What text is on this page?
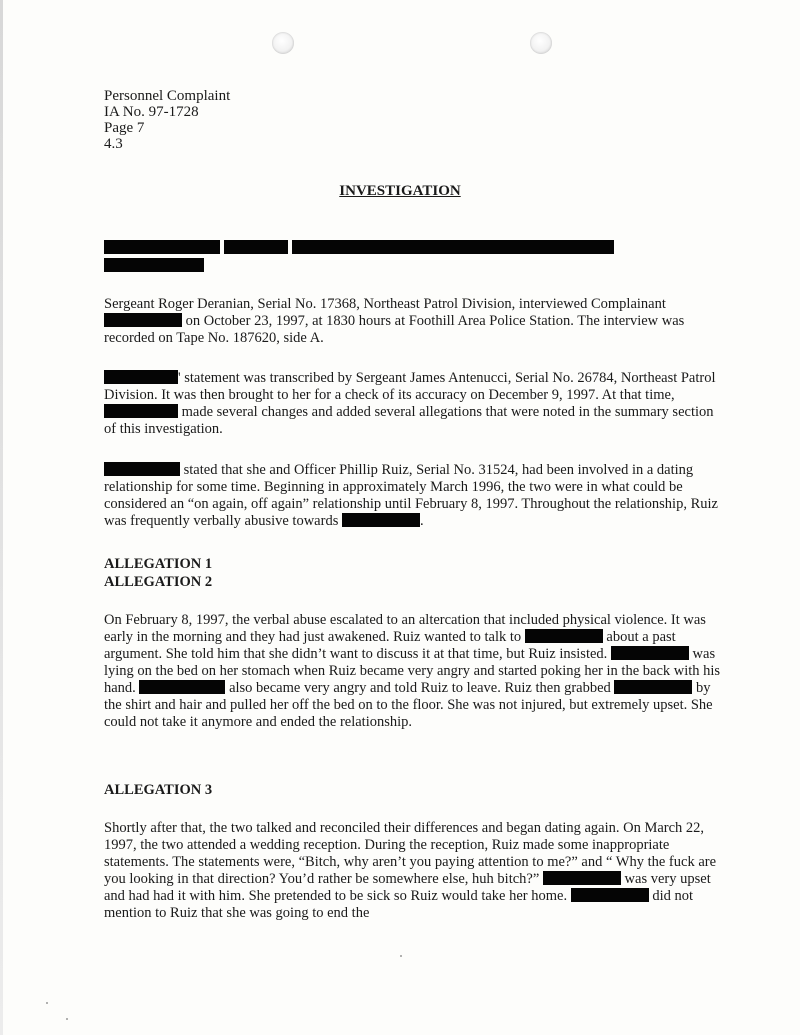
Personnel Complaint
IA No. 97-1728
Page 7
4.3
INVESTIGATION
Sergeant Roger Deranian, Serial No. 17368, Northeast Patrol Division, interviewed Complainant  on October 23, 1997, at 1830 hours at Foothill Area Police Station. The interview was recorded on Tape No. 187620, side A.
' statement was transcribed by Sergeant James Antenucci, Serial No. 26784, Northeast Patrol Division. It was then brought to her for a check of its accuracy on December 9, 1997. At that time,  made several changes and added several allegations that were noted in the summary section of this investigation.
stated that she and Officer Phillip Ruiz, Serial No. 31524, had been involved in a dating relationship for some time. Beginning in approximately March 1996, the two were in what could be considered an “on again, off again” relationship until February 8, 1997. Throughout the relationship, Ruiz was frequently verbally abusive towards	.
ALLEGATION 1
ALLEGATION 2
On February 8, 1997, the verbal abuse escalated to an altercation that included physical violence. It was early in the morning and they had just awakened. Ruiz wanted to talk to	about a past argument. She told him that she didn’t want to discuss it at that time, but Ruiz insisted.	was lying on the bed on her stomach when Ruiz became very angry and started poking her in the back with his hand.	also became very angry and told Ruiz to leave. Ruiz then grabbed	by the shirt and hair and pulled her off the bed on to the floor. She was not injured, but extremely upset. She could not take it anymore and ended the relationship.
ALLEGATION 3
Shortly after that, the two talked and reconciled their differences and began dating again. On March 22, 1997, the two attended a wedding reception. During the reception, Ruiz made some inappropriate statements. The statements were, “Bitch, why aren’t you paying attention to me?” and “ Why the fuck are you looking in that direction? You’d rather be somewhere else, huh bitch?”	was very upset and had had it with him. She pretended to be sick so Ruiz would take her home.	did not mention to Ruiz that she was going to end the
